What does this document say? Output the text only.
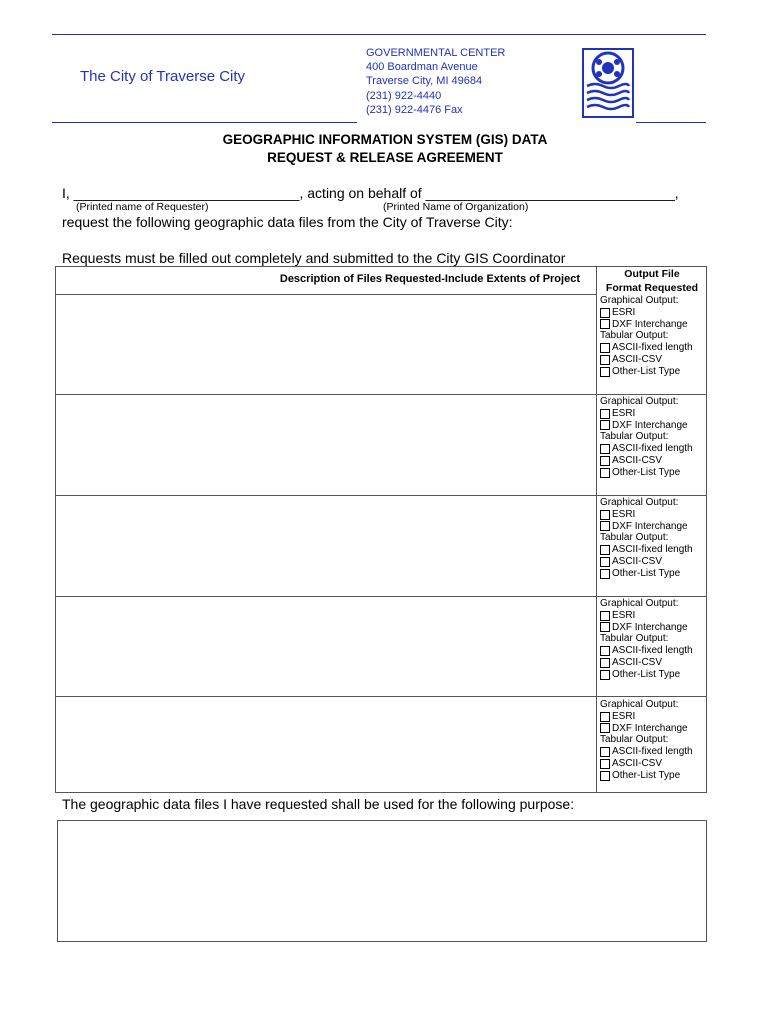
The City of Traverse City
GOVERNMENTAL CENTER
400 Boardman Avenue
Traverse City, MI 49684
(231) 922-4440
(231) 922-4476 Fax
GEOGRAPHIC INFORMATION SYSTEM (GIS) DATA
REQUEST & RELEASE AGREEMENT
I, _____________________________, acting on behalf of ________________________________,
(Printed name of Requester)	(Printed Name of Organization)
request the following geographic data files from the City of Traverse City:
Requests must be filled out completely and submitted to the City GIS Coordinator
Description of Files Requested-Include Extents of Project	Output File
Format Requested
Graphical Output:
ESRI
DXF Interchange
Tabular Output:
ASCII-fixed length
ASCII-CSV
Other-List Type
Graphical Output:
ESRI
DXF Interchange
Tabular Output:
ASCII-fixed length
ASCII-CSV
Other-List Type
Graphical Output:
ESRI
DXF Interchange
Tabular Output:
ASCII-fixed length
ASCII-CSV
Other-List Type
Graphical Output:
ESRI
DXF Interchange
Tabular Output:
ASCII-fixed length
ASCII-CSV
Other-List Type
Graphical Output:
ESRI
DXF Interchange
Tabular Output:
ASCII-fixed length
ASCII-CSV
Other-List Type
The geographic data files I have requested shall be used for the following purpose:
